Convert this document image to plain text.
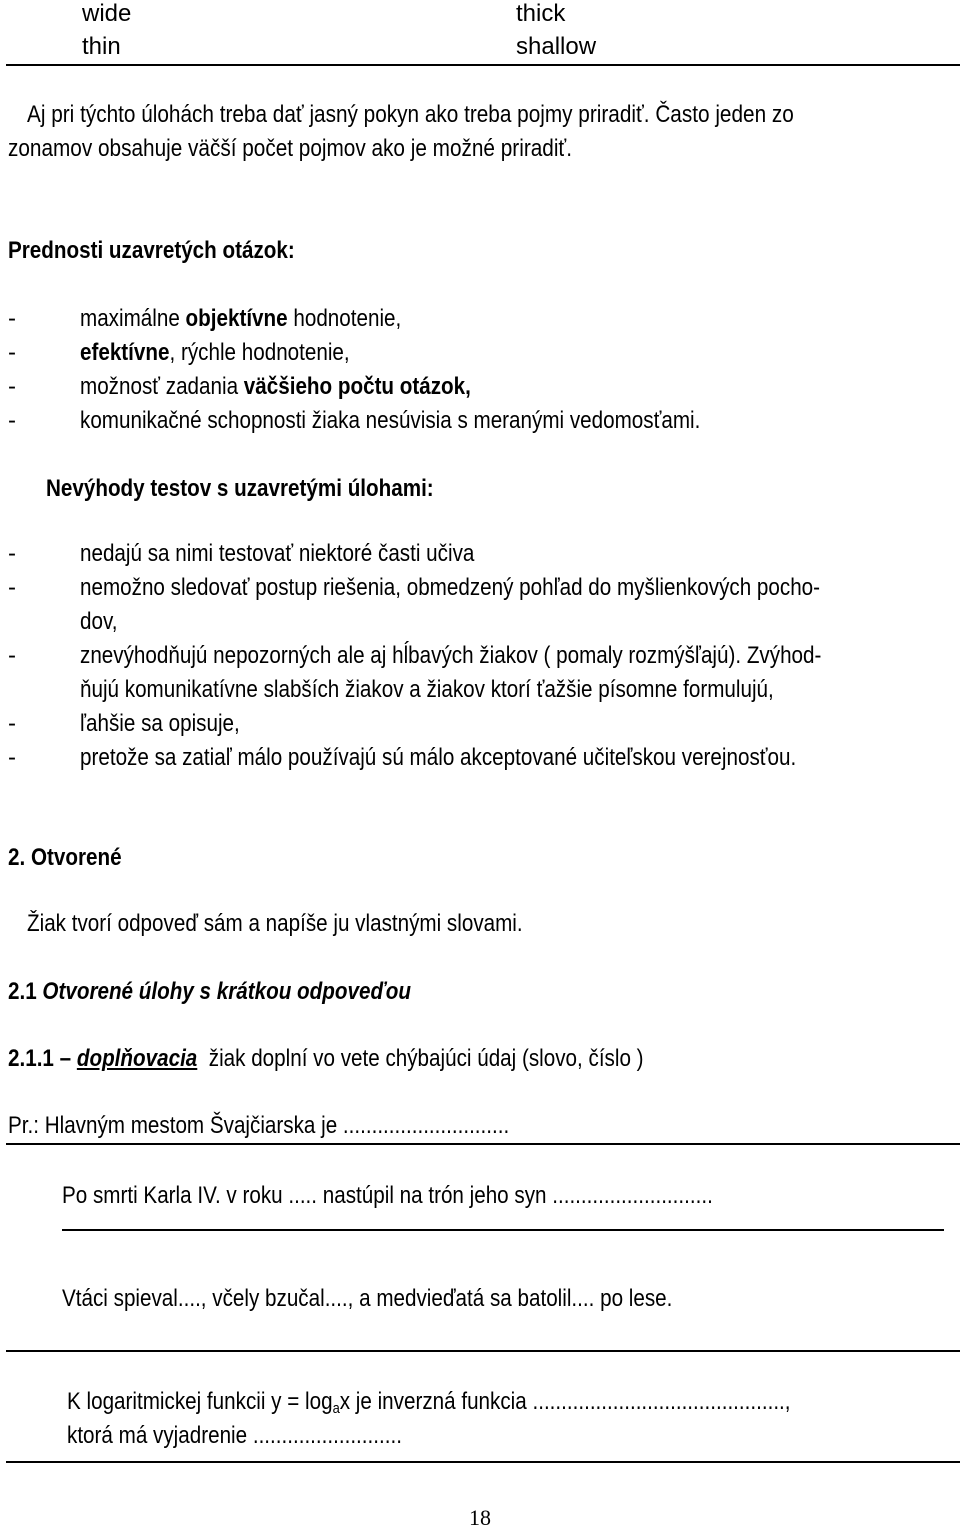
wide	thick
thin	shallow
Aj pri týchto úlohách treba dať jasný pokyn ako treba pojmy priradiť. Často jeden zo
zonamov obsahuje väčší počet pojmov ako je možné priradiť.
Prednosti uzavretých otázok:
-	maximálne objektívne hodnotenie,
-	efektívne, rýchle hodnotenie,
-	možnosť zadania väčšieho počtu otázok,
-	komunikačné schopnosti žiaka nesúvisia s meranými vedomosťami.
Nevýhody testov s uzavretými úlohami:
-	nedajú sa nimi testovať niektoré časti učiva
-	nemožno sledovať postup riešenia, obmedzený pohľad do myšlienkových pocho-
dov,
-	znevýhodňujú nepozorných ale aj hĺbavých žiakov ( pomaly rozmýšľajú). Zvýhod-
ňujú komunikatívne slabších žiakov a žiakov ktorí ťažšie písomne formulujú,
-	ľahšie sa opisuje,
-	pretože sa zatiaľ málo používajú sú málo akceptované učiteľskou verejnosťou.
2. Otvorené
Žiak tvorí odpoveď sám a napíše ju vlastnými slovami.
2.1 Otvorené úlohy s krátkou odpoveďou
2.1.1 – doplňovacia  žiak doplní vo vete chýbajúci údaj (slovo, číslo )
Pr.: Hlavným mestom Švajčiarska je .............................
Po smrti Karla IV. v roku ..... nastúpil na trón jeho syn ............................
Vtáci spieval...., včely bzučal...., a medvieďatá sa batolil.... po lese.
K logaritmickej funkcii $y = \log_ax$ je inverzná funkcia ............................................,
ktorá má vyjadrenie ..........................
18
